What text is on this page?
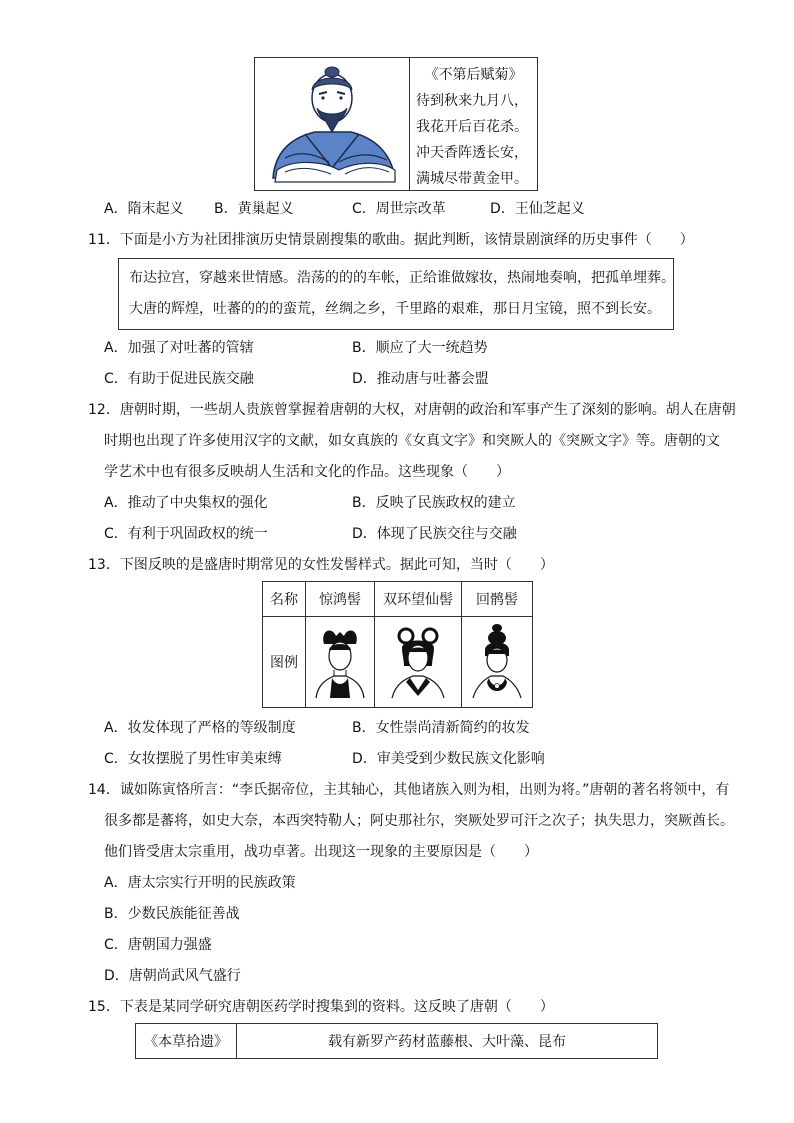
《不第后赋菊》
待到秋来九月八，
我花开后百花杀。
冲天香阵透长安，
满城尽带黄金甲。
A．隋末起义 B．黄巢起义	C．周世宗改革	D．王仙芝起义
11．下面是小方为社团排演历史情景剧搜集的歌曲。据此判断，该情景剧演绎的历史事件（　　）
布达拉宫，穿越来世情感。浩荡的的的车帐，正给谁做嫁妆，热闹地奏响，把孤单埋葬。
大唐的辉煌，吐蕃的的的蛮荒，丝绸之乡，千里路的艰难，那日月宝镜，照不到长安。
A．加强了对吐蕃的管辖	B．顺应了大一统趋势
C．有助于促进民族交融	D．推动唐与吐蕃会盟
12．唐朝时期，一些胡人贵族曾掌握着唐朝的大权，对唐朝的政治和军事产生了深刻的影响。胡人在唐朝
时期也出现了许多使用汉字的文献，如女真族的《女真文字》和突厥人的《突厥文字》等。唐朝的文
学艺术中也有很多反映胡人生活和文化的作品。这些现象（　　）
A．推动了中央集权的强化	B．反映了民族政权的建立
C．有利于巩固政权的统一	D．体现了民族交往与交融
13．下图反映的是盛唐时期常见的女性发髻样式。据此可知，当时（　　）
名称	惊鸿髻	双环望仙髻	回鹘髻
图例			
A．妆发体现了严格的等级制度	B．女性崇尚清新简约的妆发
C．女妆摆脱了男性审美束缚	D．审美受到少数民族文化影响
14．诚如陈寅恪所言：“李氏据帝位，主其轴心，其他诸族入则为相，出则为将。”唐朝的著名将领中，有
很多都是蕃将，如史大奈，本西突特勒人；阿史那社尔，突厥处罗可汗之次子；执失思力，突厥酋长。
他们皆受唐太宗重用，战功卓著。出现这一现象的主要原因是（　　）
A．唐太宗实行开明的民族政策
B．少数民族能征善战
C．唐朝国力强盛
D．唐朝尚武风气盛行
15．下表是某同学研究唐朝医药学时搜集到的资料。这反映了唐朝（　　）
《本草拾遗》	载有新罗产药材蓝藤根、大叶藻、昆布
